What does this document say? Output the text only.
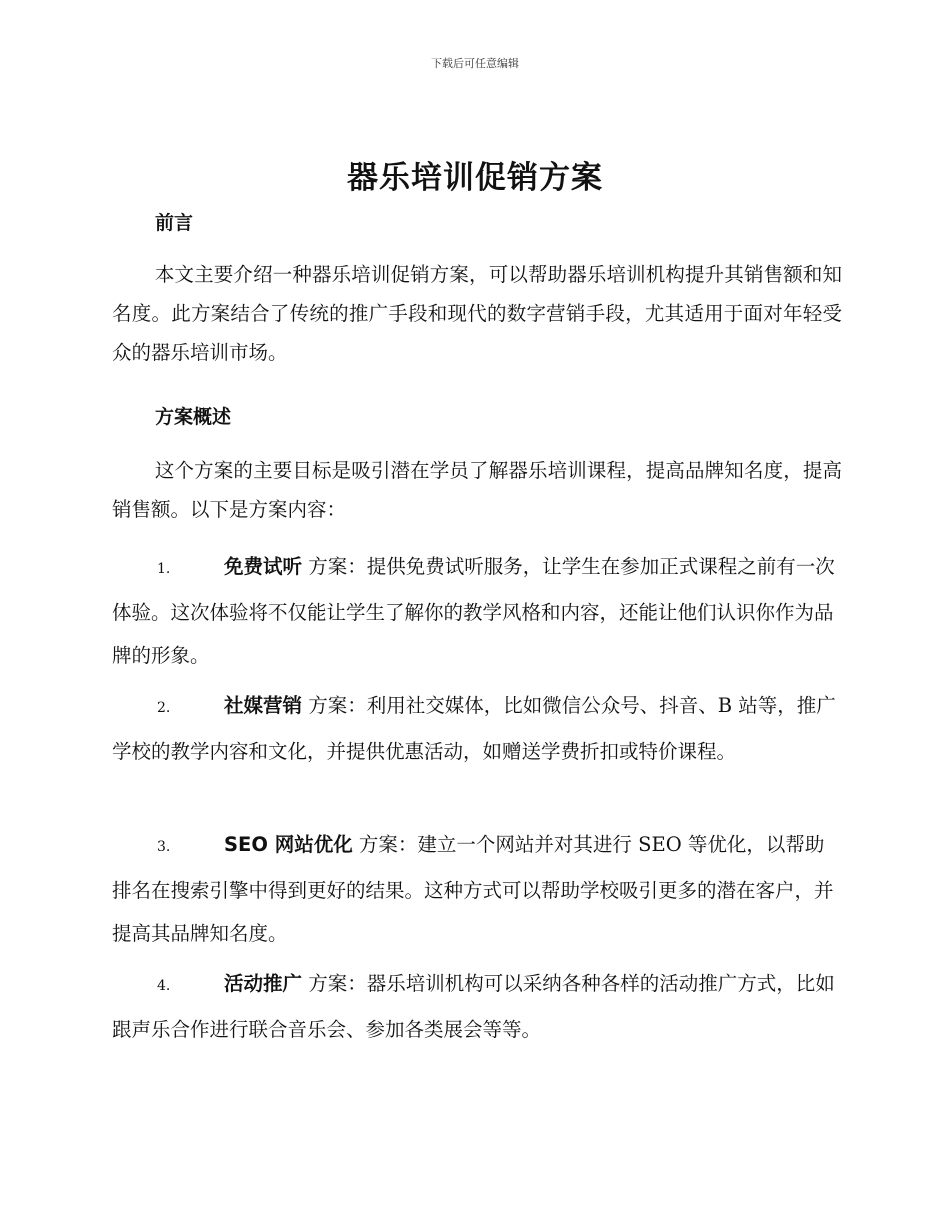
下载后可任意编辑
器乐培训促销方案
前言
本文主要介绍一种器乐培训促销方案，可以帮助器乐培训机构提升其销售额和知名度。此方案结合了传统的推广手段和现代的数字营销手段，尤其适用于面对年轻受众的器乐培训市场。
方案概述
这个方案的主要目标是吸引潜在学员了解器乐培训课程，提高品牌知名度，提高销售额。以下是方案内容：
1.	免费试听 方案：提供免费试听服务，让学生在参加正式课程之前有一次体验。这次体验将不仅能让学生了解你的教学风格和内容，还能让他们认识你作为品牌的形象。
2.	社媒营销 方案：利用社交媒体，比如微信公众号、抖音、B 站等，推广学校的教学内容和文化，并提供优惠活动，如赠送学费折扣或特价课程。
3.	SEO 网站优化 方案：建立一个网站并对其进行 SEO 等优化，以帮助排名在搜索引擎中得到更好的结果。这种方式可以帮助学校吸引更多的潜在客户，并提高其品牌知名度。
4.	活动推广 方案：器乐培训机构可以采纳各种各样的活动推广方式，比如跟声乐合作进行联合音乐会、参加各类展会等等。
